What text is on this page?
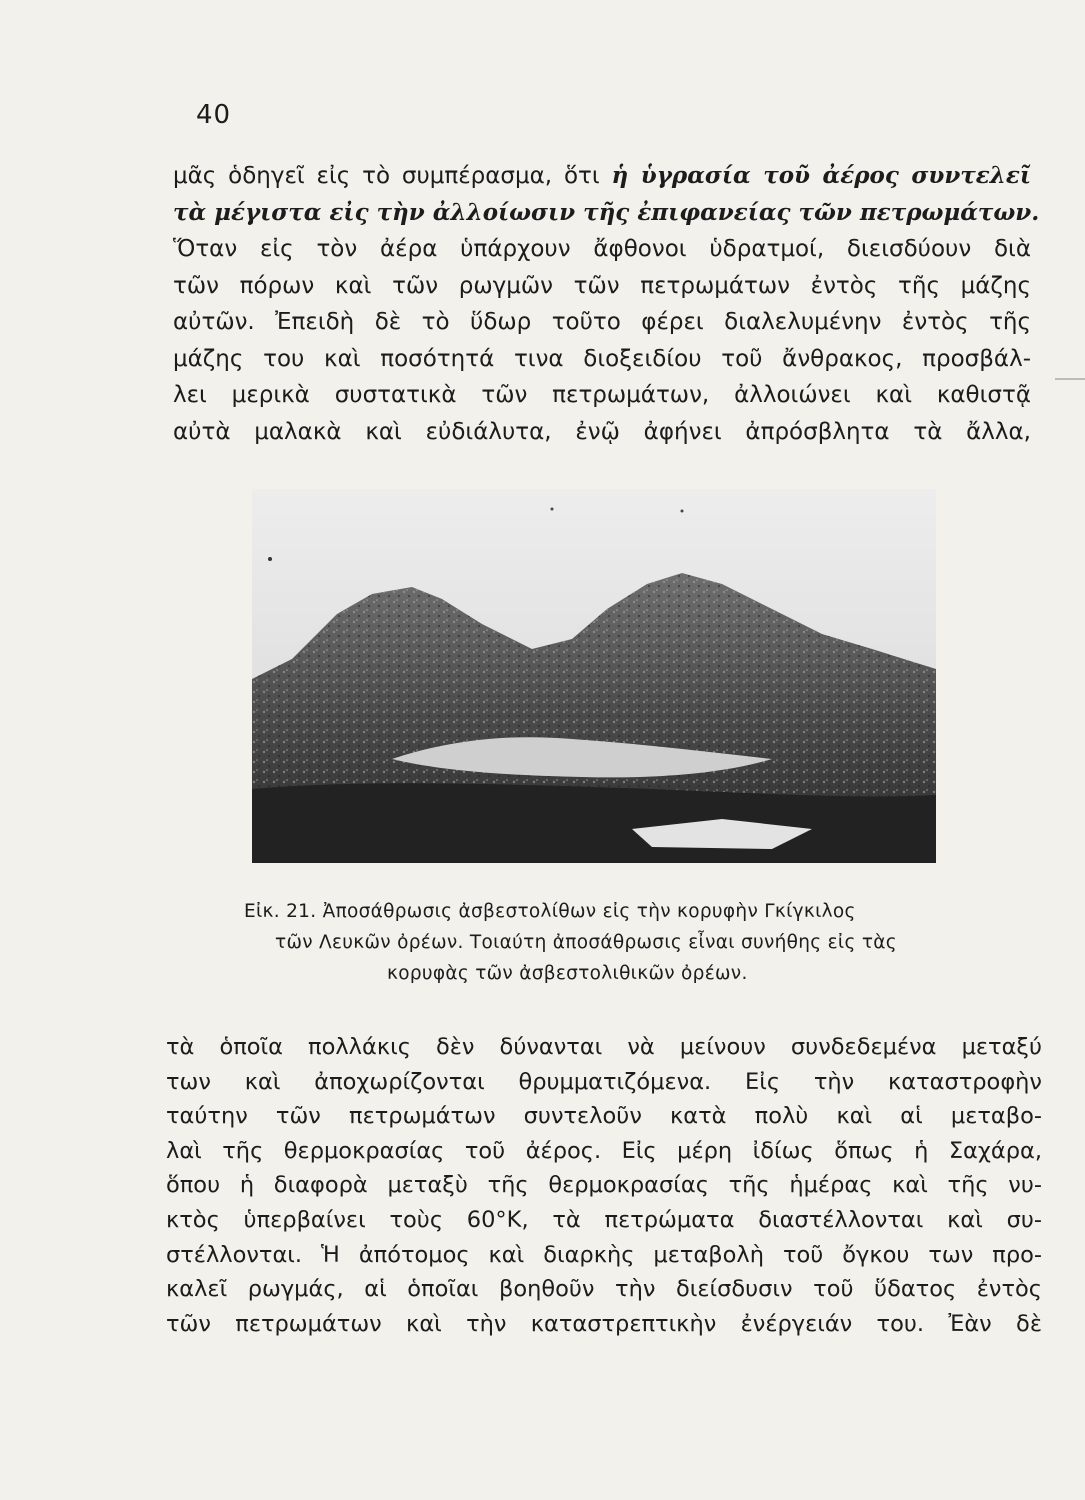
40
μᾶς ὁδηγεῖ εἰς τὸ συμπέρασμα, ὅτι ἡ ὑγρασία τοῦ ἀέρος συντελεῖ
τὰ μέγιστα εἰς τὴν ἀλλοίωσιν τῆς ἐπιφανείας τῶν πετρωμάτων.
Ὅταν εἰς τὸν ἀέρα ὑπάρχουν ἄφθονοι ὑδρατμοί, διεισδύουν διὰ
τῶν πόρων καὶ τῶν ρωγμῶν τῶν πετρωμάτων ἐντὸς τῆς μάζης
αὐτῶν. Ἐπειδὴ δὲ τὸ ὕδωρ τοῦτο φέρει διαλελυμένην ἐντὸς τῆς
μάζης του καὶ ποσότητά τινα διοξειδίου τοῦ ἄνθρακος, προσβάλ-
λει μερικὰ συστατικὰ τῶν πετρωμάτων, ἀλλοιώνει καὶ καθιστᾷ
αὐτὰ μαλακὰ καὶ εὐδιάλυτα, ἐνῷ ἀφήνει ἀπρόσβλητα τὰ ἄλλα,
Εἰκ. 21. Ἀποσάθρωσις ἀσβεστολίθων εἰς τὴν κορυφὴν Γκίγκιλος
τῶν Λευκῶν ὀρέων. Τοιαύτη ἀποσάθρωσις εἶναι συνήθης εἰς τὰς
κορυφὰς τῶν ἀσβεστολιθικῶν ὀρέων.
τὰ ὁποῖα πολλάκις δὲν δύνανται νὰ μείνουν συνδεδεμένα μεταξύ
των καὶ ἀποχωρίζονται θρυμματιζόμενα. Εἰς τὴν καταστροφὴν
ταύτην τῶν πετρωμάτων συντελοῦν κατὰ πολὺ καὶ αἱ μεταβο-
λαὶ τῆς θερμοκρασίας τοῦ ἀέρος. Εἰς μέρη ἰδίως ὅπως ἡ Σαχάρα,
ὅπου ἡ διαφορὰ μεταξὺ τῆς θερμοκρασίας τῆς ἡμέρας καὶ τῆς νυ-
κτὸς ὑπερβαίνει τοὺς 60°Κ, τὰ πετρώματα διαστέλλονται καὶ συ-
στέλλονται. Ἡ ἀπότομος καὶ διαρκὴς μεταβολὴ τοῦ ὄγκου των προ-
καλεῖ ρωγμάς, αἱ ὁποῖαι βοηθοῦν τὴν διείσδυσιν τοῦ ὕδατος ἐντὸς
τῶν πετρωμάτων καὶ τὴν καταστρεπτικὴν ἐνέργειάν του. Ἐὰν δὲ
